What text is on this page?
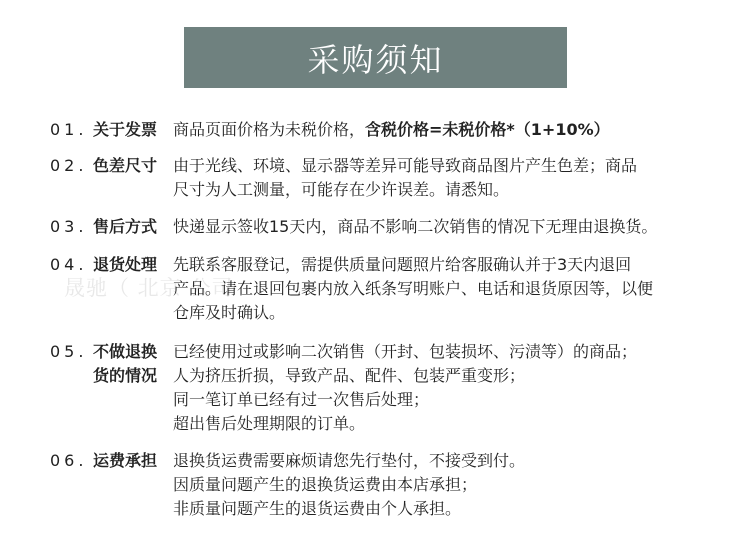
采购须知
晟驰（ 北京 公司
01. 关于发票 商品页面价格为未税价格，含税价格=未税价格*（1+10%）
02. 色差尺寸 由于光线、环境、显示器等差异可能导致商品图片产生色差；商品
尺寸为人工测量，可能存在少许误差。请悉知。
03. 售后方式 快递显示签收15天内，商品不影响二次销售的情况下无理由退换货。
04. 退货处理 先联系客服登记，需提供质量问题照片给客服确认并于3天内退回
产品。请在退回包裹内放入纸条写明账户、电话和退货原因等，以便
仓库及时确认。
05. 不做退换货的情况
已经使用过或影响二次销售（开封、包装损坏、污渍等）的商品；
人为挤压折损，导致产品、配件、包装严重变形；
同一笔订单已经有过一次售后处理；
超出售后处理期限的订单。
06. 运费承担 退换货运费需要麻烦请您先行垫付，不接受到付。
因质量问题产生的退换货运费由本店承担；
非质量问题产生的退货运费由个人承担。
